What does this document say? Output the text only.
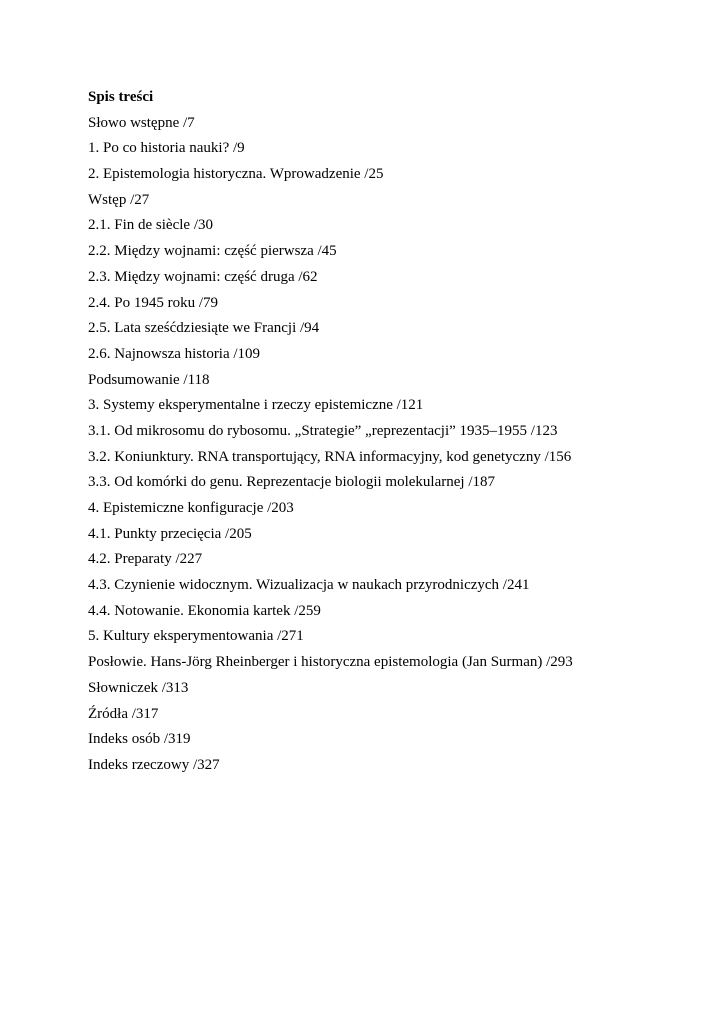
Spis treści
Słowo wstępne /7
1. Po co historia nauki? /9
2. Epistemologia historyczna. Wprowadzenie /25
Wstęp /27
2.1. Fin de siècle /30
2.2. Między wojnami: część pierwsza /45
2.3. Między wojnami: część druga /62
2.4. Po 1945 roku /79
2.5. Lata sześćdziesiąte we Francji /94
2.6. Najnowsza historia /109
Podsumowanie /118
3. Systemy eksperymentalne i rzeczy epistemiczne /121
3.1. Od mikrosomu do rybosomu. „Strategie” „reprezentacji” 1935–1955 /123
3.2. Koniunktury. RNA transportujący, RNA informacyjny, kod genetyczny /156
3.3. Od komórki do genu. Reprezentacje biologii molekularnej /187
4. Epistemiczne konfiguracje /203
4.1. Punkty przecięcia /205
4.2. Preparaty /227
4.3. Czynienie widocznym. Wizualizacja w naukach przyrodniczych /241
4.4. Notowanie. Ekonomia kartek /259
5. Kultury eksperymentowania /271
Posłowie. Hans-Jörg Rheinberger i historyczna epistemologia (Jan Surman) /293
Słowniczek /313
Źródła /317
Indeks osób /319
Indeks rzeczowy /327
